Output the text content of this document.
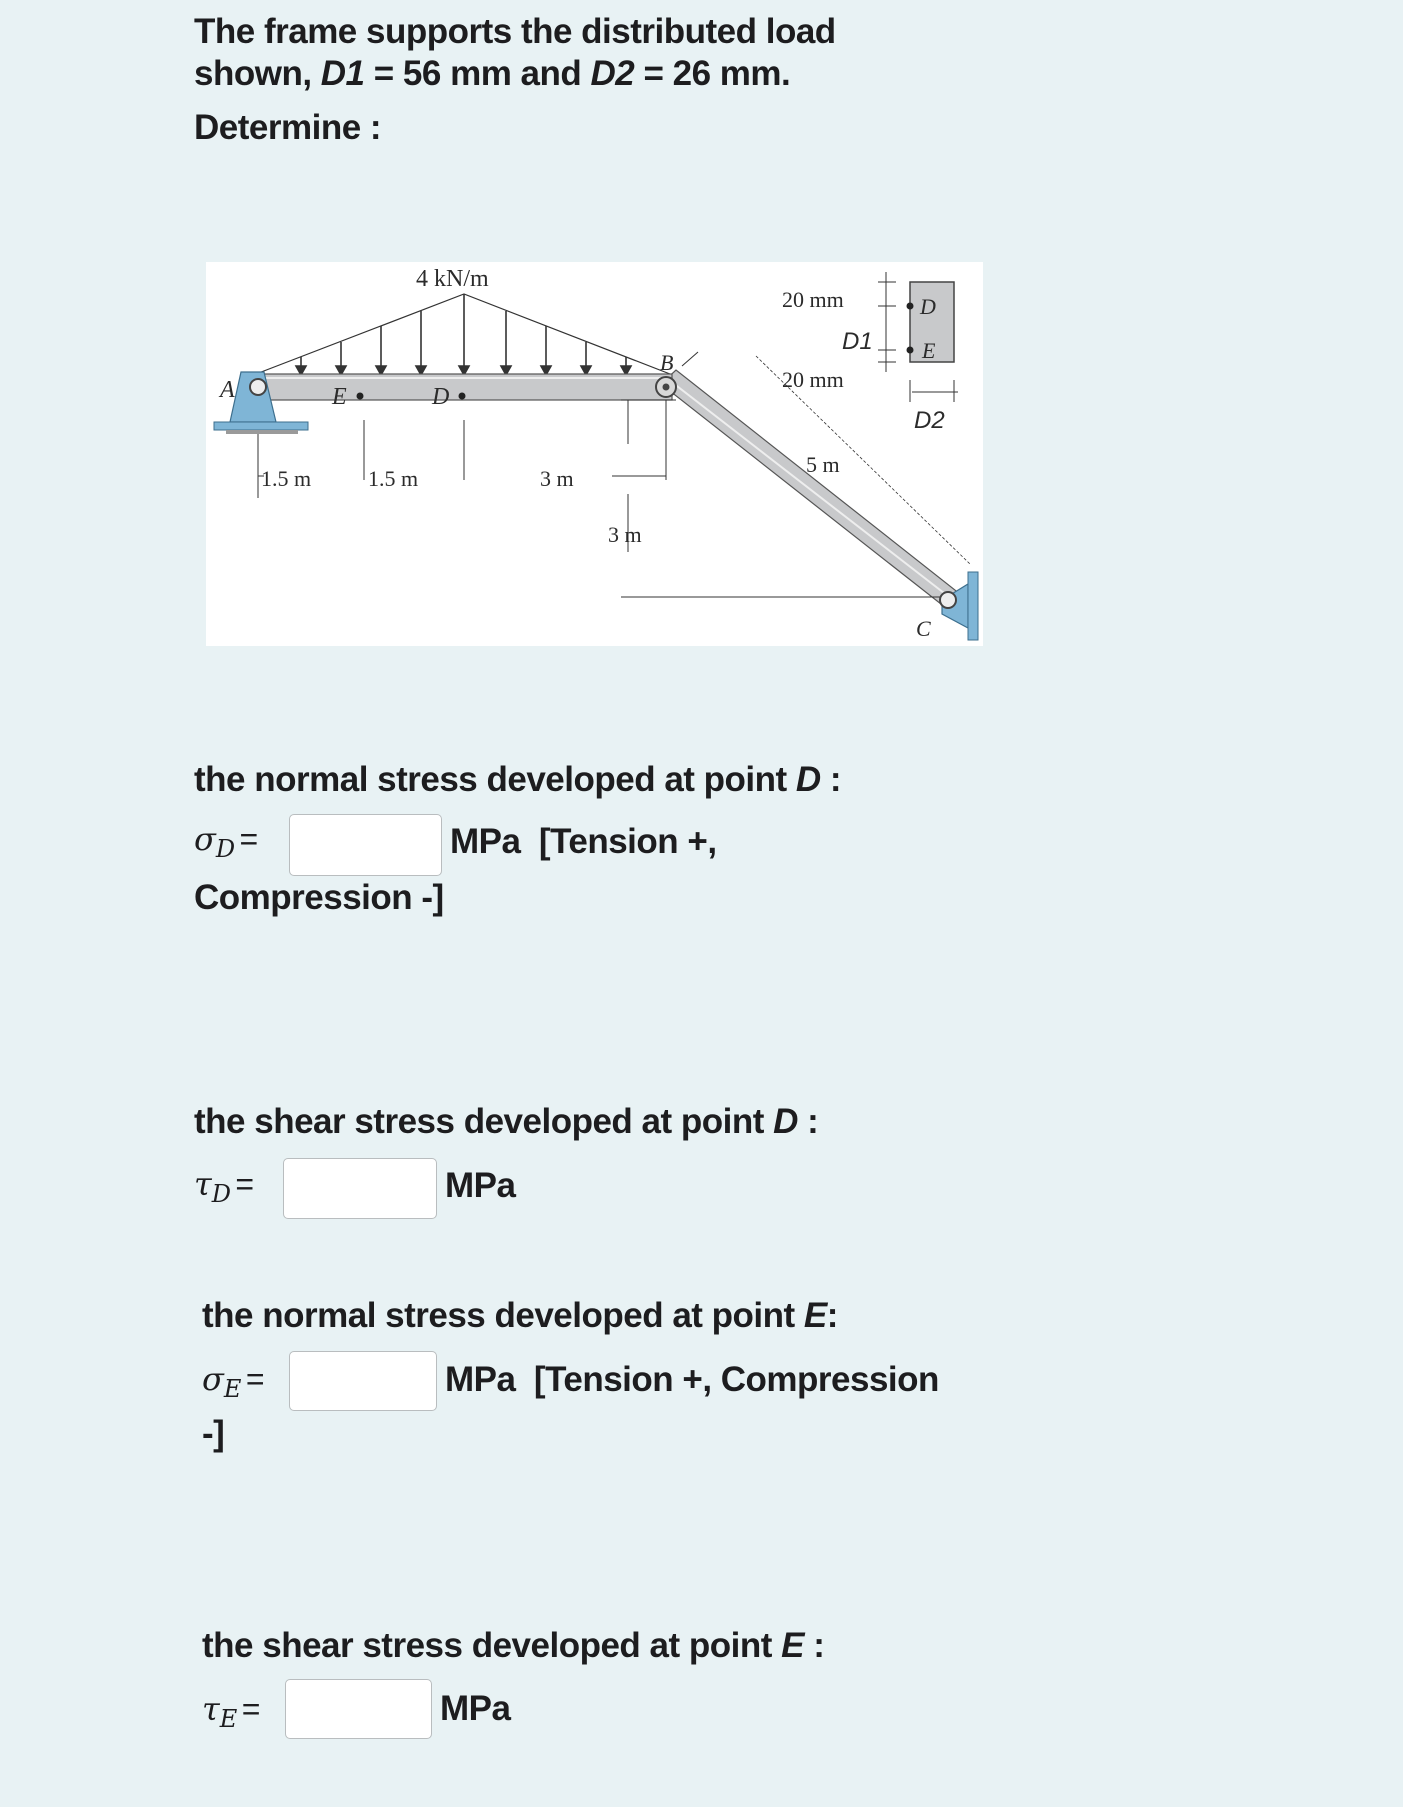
The frame supports the distributed load
shown, D1 = 56 mm and D2 = 26 mm.
Determine :
4 kN/m
A	E	D
B
1.5 m	1.5 m	3 m
3 m
5 m
C
D
E
20 mm
20 mm
D1
D2
the normal stress developed at point D :
σD =	MPa [Tension +,
Compression -]
the shear stress developed at point D :
τD =	MPa
the normal stress developed at point E:
σE =	MPa [Tension +, Compression
-]
the shear stress developed at point E :
τE =	MPa
